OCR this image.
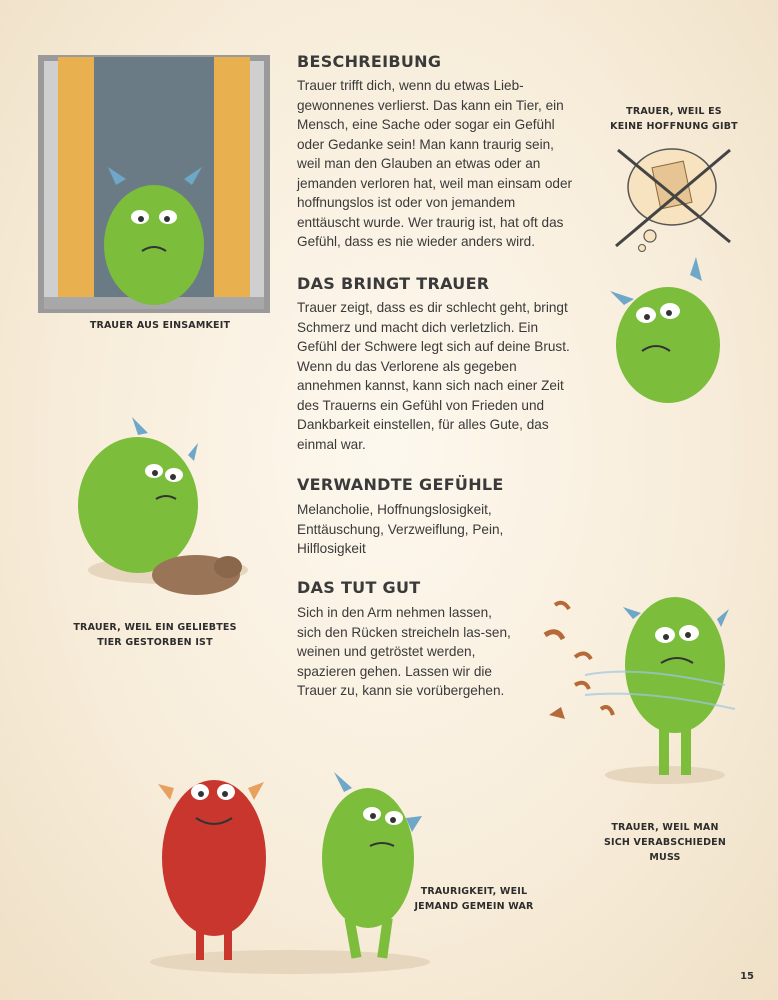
BESCHREIBUNG

Trauer trifft dich, wenn du etwas Lieb-gewonnenes verlierst. Das kann ein Tier, ein Mensch, eine Sache oder sogar ein Gefühl oder Gedanke sein! Man kann traurig sein, weil man den Glauben an etwas oder an jemanden verloren hat, weil man einsam oder hoffnungslos ist oder von jemandem enttäuscht wurde. Wer traurig ist, hat oft das Gefühl, dass es nie wieder anders wird.

DAS BRINGT TRAUER

Trauer zeigt, dass es dir schlecht geht, bringt Schmerz und macht dich verletzlich. Ein Gefühl der Schwere legt sich auf deine Brust. Wenn du das Verlorene als gegeben annehmen kannst, kann sich nach einer Zeit des Trauerns ein Gefühl von Frieden und Dankbarkeit einstellen, für alles Gute, das einmal war.

VERWANDTE GEFÜHLE

Melancholie, Hoffnungslosigkeit, Enttäuschung, Verzweiflung, Pein, Hilflosigkeit

DAS TUT GUT

Sich in den Arm nehmen lassen, sich den Rücken streicheln las-sen, weinen und getröstet werden, spazieren gehen. Lassen wir die Trauer zu, kann sie vorübergehen.

TRAUER AUS EINSAMKEIT
TRAUER, WEIL ES KEINE HOFFNUNG GIBT
TRAUER, WEIL EIN GELIEBTES TIER GESTORBEN IST
TRAUER, WEIL MAN SICH VERABSCHIEDEN MUSS
TRAURIGKEIT, WEIL JEMAND GEMEIN WAR
15
